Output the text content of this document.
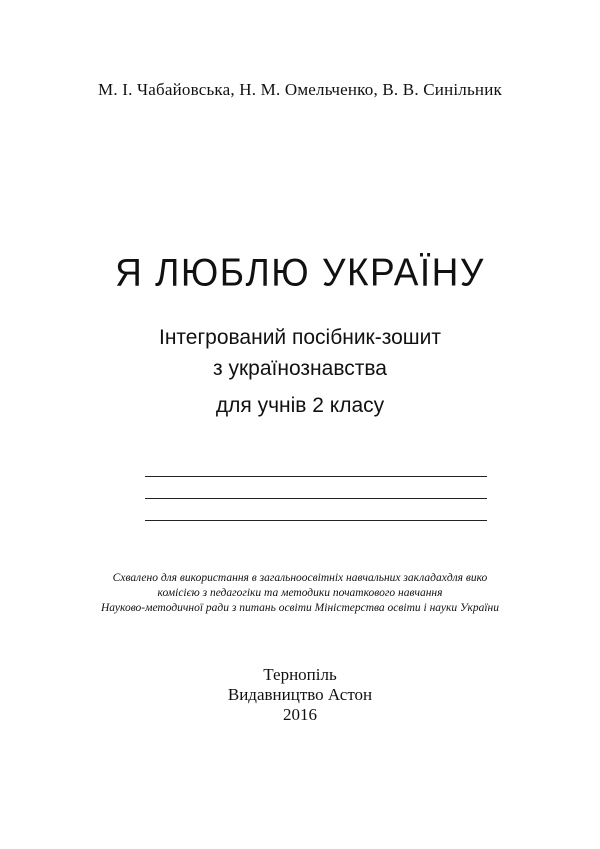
М. І. Чабайовська, Н. М. Омельченко, В. В. Синільник
Я ЛЮБЛЮ УКРАЇНУ
Інтегрований посібник-зошит
з українознавства
для учнів 2 класу
Схвалено для використання в загальноосвітніх навчальних закладахдля вико
комісією з педагогіки та методики початкового навчання
Науково-методичної ради з питань освіти Міністерства освіти і науки України
Тернопіль
Видавництво Астон
2016
